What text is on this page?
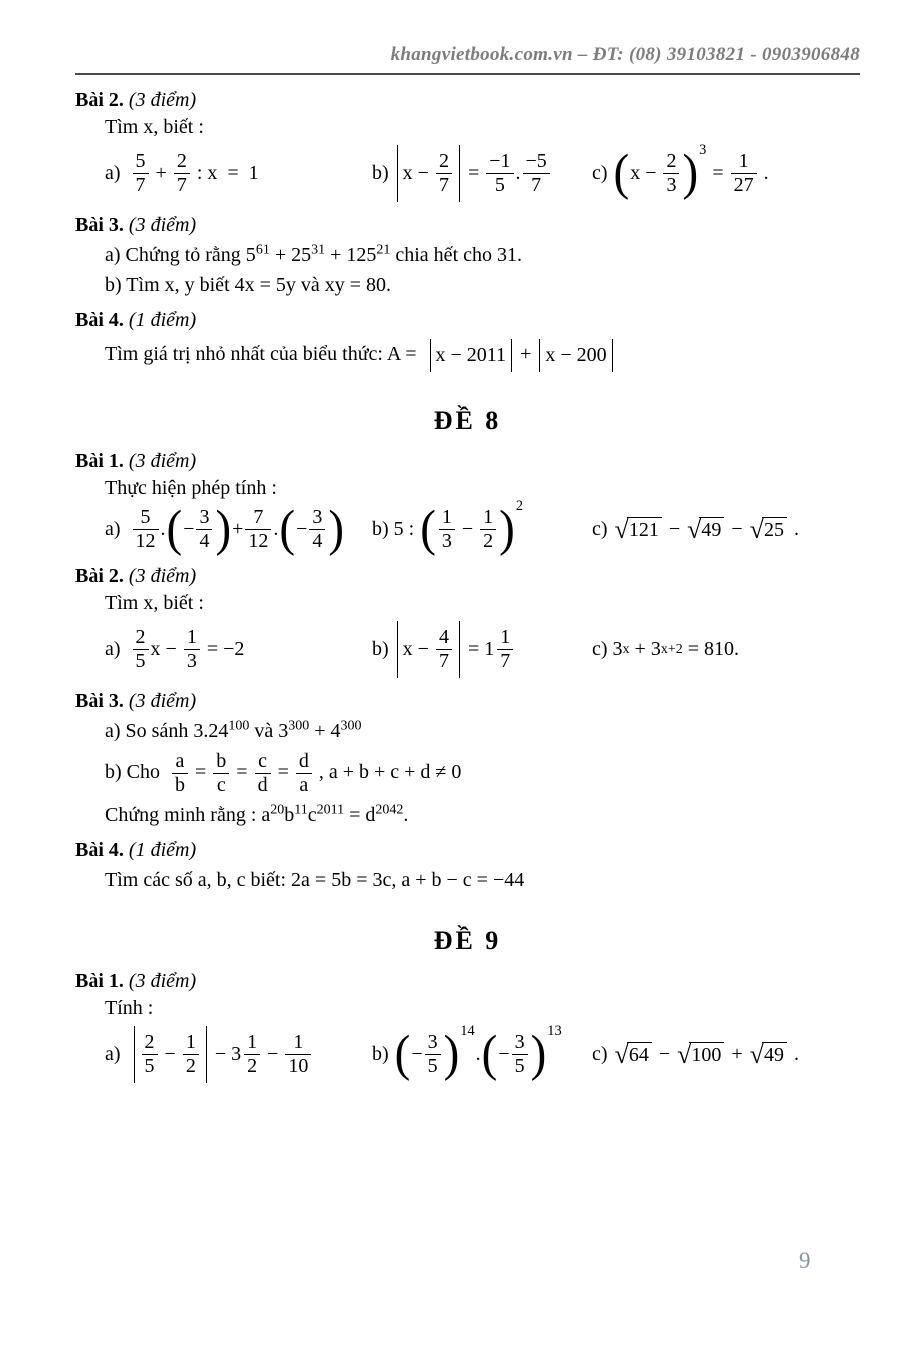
khangvietbook.com.vn – ĐT: (08) 39103821 - 0903906848
Bài 2. (3 điểm)
Tìm x, biết :
$a) \frac{5}{7} + \frac{2}{7}$ : x  =  1	b) $x - \frac{2}{7} = \frac{-1}{5}$ . $\frac{-5}{7} c$) ( $x - \frac{2}{3}$ ) 3
= $\frac{1}{27}$ .
Bài 3. (3 điểm)
a) Chứng tỏ rằng $5^{61} + 25^{31} + 125^{21}$ chia hết cho 31.
b) Tìm x, y biết 4x = 5y và xy = 80.
Bài 4. (1 điểm)
Tìm giá trị nhỏ nhất của biểu thức: A = x − 2011 + x − 200
ĐỀ 8
Bài 1. (3 điểm)
Thực hiện phép tính :
$a) \frac{5}{12}$ . ( − $\frac{3}{4}$ ) + $\frac{7}{12}$ . ( − $\frac{3}{4}$ ) b) 5 : ( $\frac{1}{3} - \frac{1}{2}$ ) 2
c) √ 121 − √ 49 − √ 25 .
Bài 2. (3 điểm)
Tìm x, biết :
$a) \frac{2}{5}$ $x - \frac{1}{3} = -2$	b) $x - \frac{4}{7} = 1 \frac{1}{7}$	c) 3 x + 3 x+2 = 810.
Bài 3. (3 điểm)
a) So sánh 3.24$^{100}$ và $3^{300} + 4^{300}$
b) Cho $\frac{a}{b} = \frac{b}{c} = \frac{c}{d} = \frac{d}{a}$ , a + b + c + d ≠ 0
Chứng minh rằng : $a^{20}b^{11}c^{2011} = d^{2042}$.
Bài 4. (1 điểm)
Tìm các số a, b, c biết: 2a = 5b = 3c, a + b − c = −44
ĐỀ 9
Bài 1. (3 điểm)
Tính :
$a) \frac{2}{5} - \frac{1}{2} - 3 \frac{1}{2} - \frac{1}{10}$	b) ( − $\frac{3}{5}$ ) 14
. ( − $\frac{3}{5}$ ) 13
c) √ 64 − √ 100 + √ 49 .
9
